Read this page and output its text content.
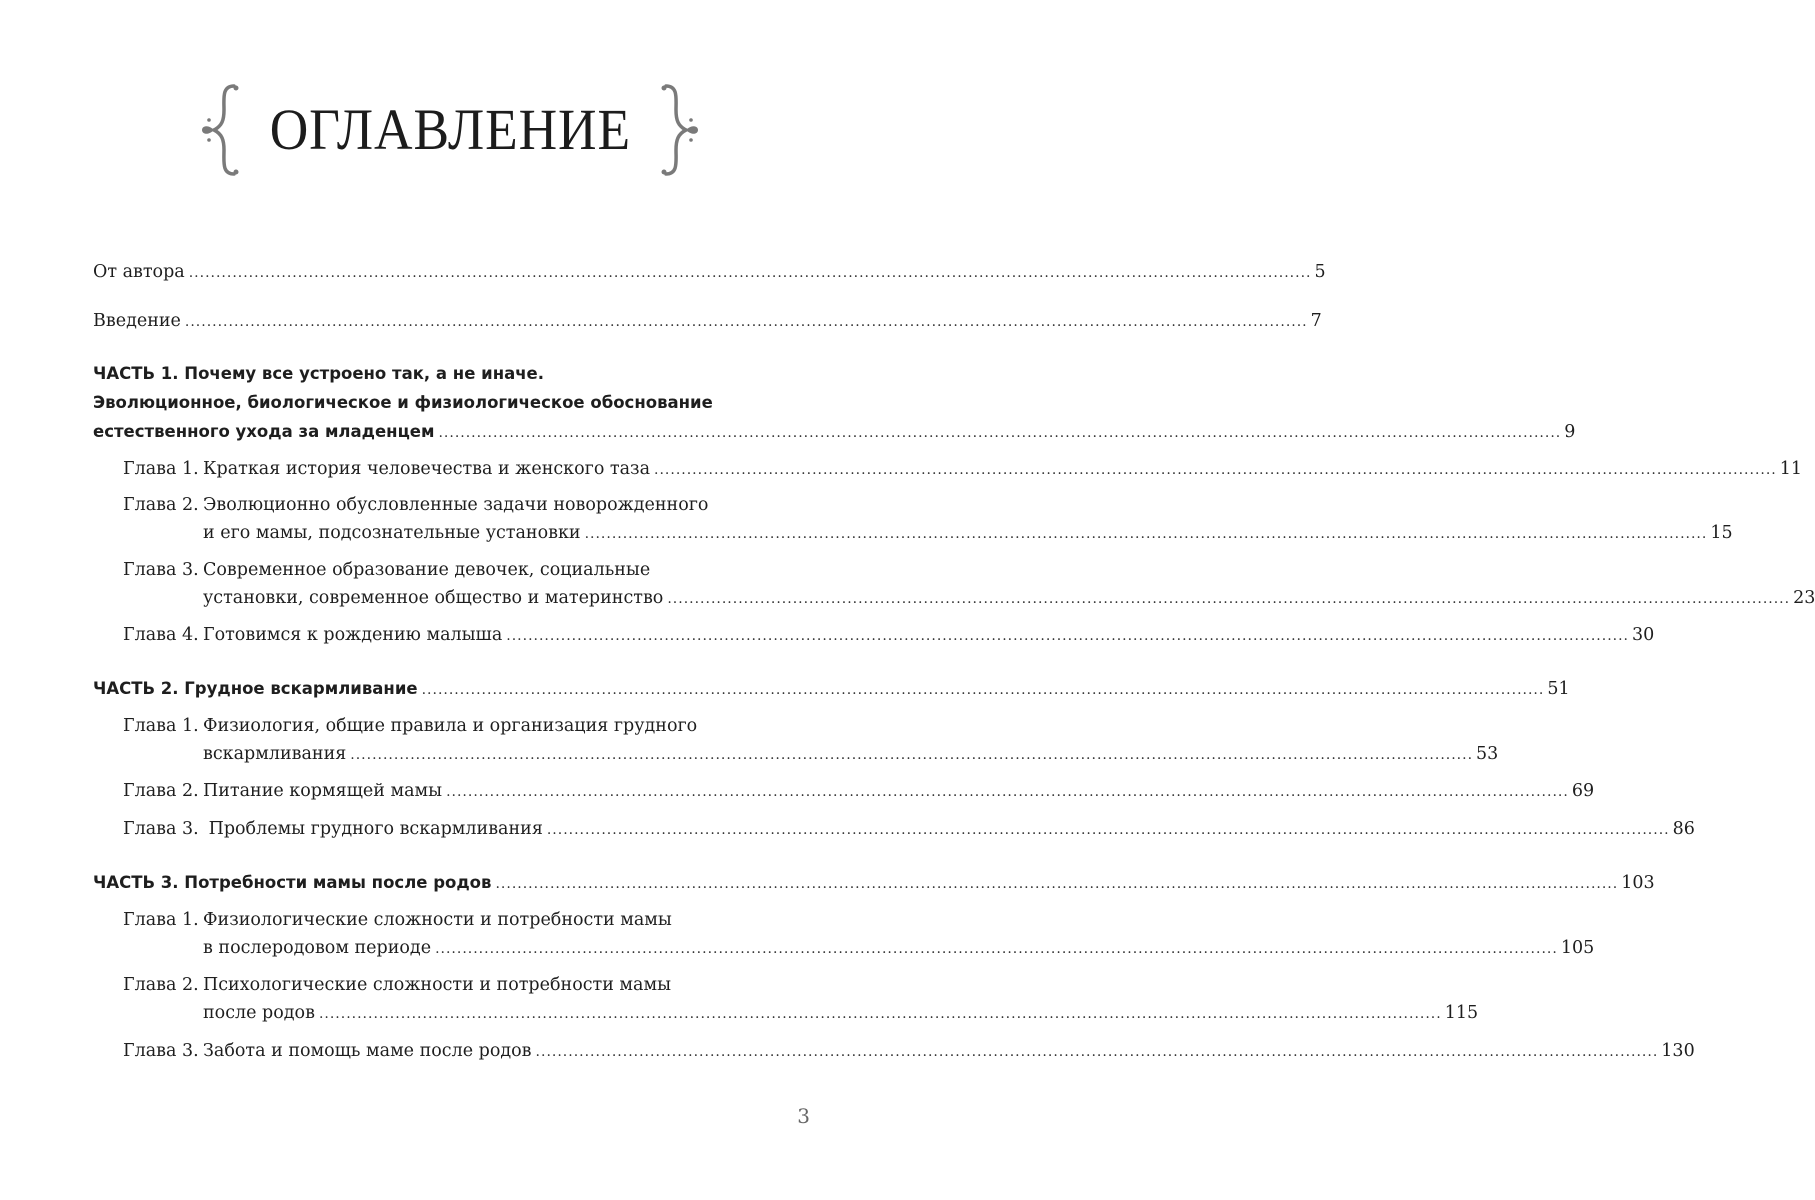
ОГЛАВЛЕНИЕ
От автора .............................................................................................................................................................................................................. 5
Введение .............................................................................................................................................................................................................. 7
ЧАСТЬ 1. Почему все устроено так, а не иначе.
Эволюционное, биологическое и физиологическое обоснование
естественного ухода за младенцем .............................................................................................................................................................................................................. 9
Глава 1. Краткая история человечества и женского таза .............................................................................................................................................................................................................. 11
Глава 2. Эволюционно обусловленные задачи новорожденного
и его мамы, подсознательные установки .............................................................................................................................................................................................................. 15
Глава 3. Современное образование девочек, социальные
установки, современное общество и материнство .............................................................................................................................................................................................................. 23
Глава 4. Готовимся к рождению малыша .............................................................................................................................................................................................................. 30
ЧАСТЬ 2. Грудное вскармливание .............................................................................................................................................................................................................. 51
Глава 1. Физиология, общие правила и организация грудного
вскармливания .............................................................................................................................................................................................................. 53
Глава 2. Питание кормящей мамы .............................................................................................................................................................................................................. 69
Глава 3. Проблемы грудного вскармливания .............................................................................................................................................................................................................. 86
ЧАСТЬ 3. Потребности мамы после родов .............................................................................................................................................................................................................. 103
Глава 1. Физиологические сложности и потребности мамы
в послеродовом периоде .............................................................................................................................................................................................................. 105
Глава 2. Психологические сложности и потребности мамы
после родов .............................................................................................................................................................................................................. 115
Глава 3. Забота и помощь маме после родов .............................................................................................................................................................................................................. 130
3
